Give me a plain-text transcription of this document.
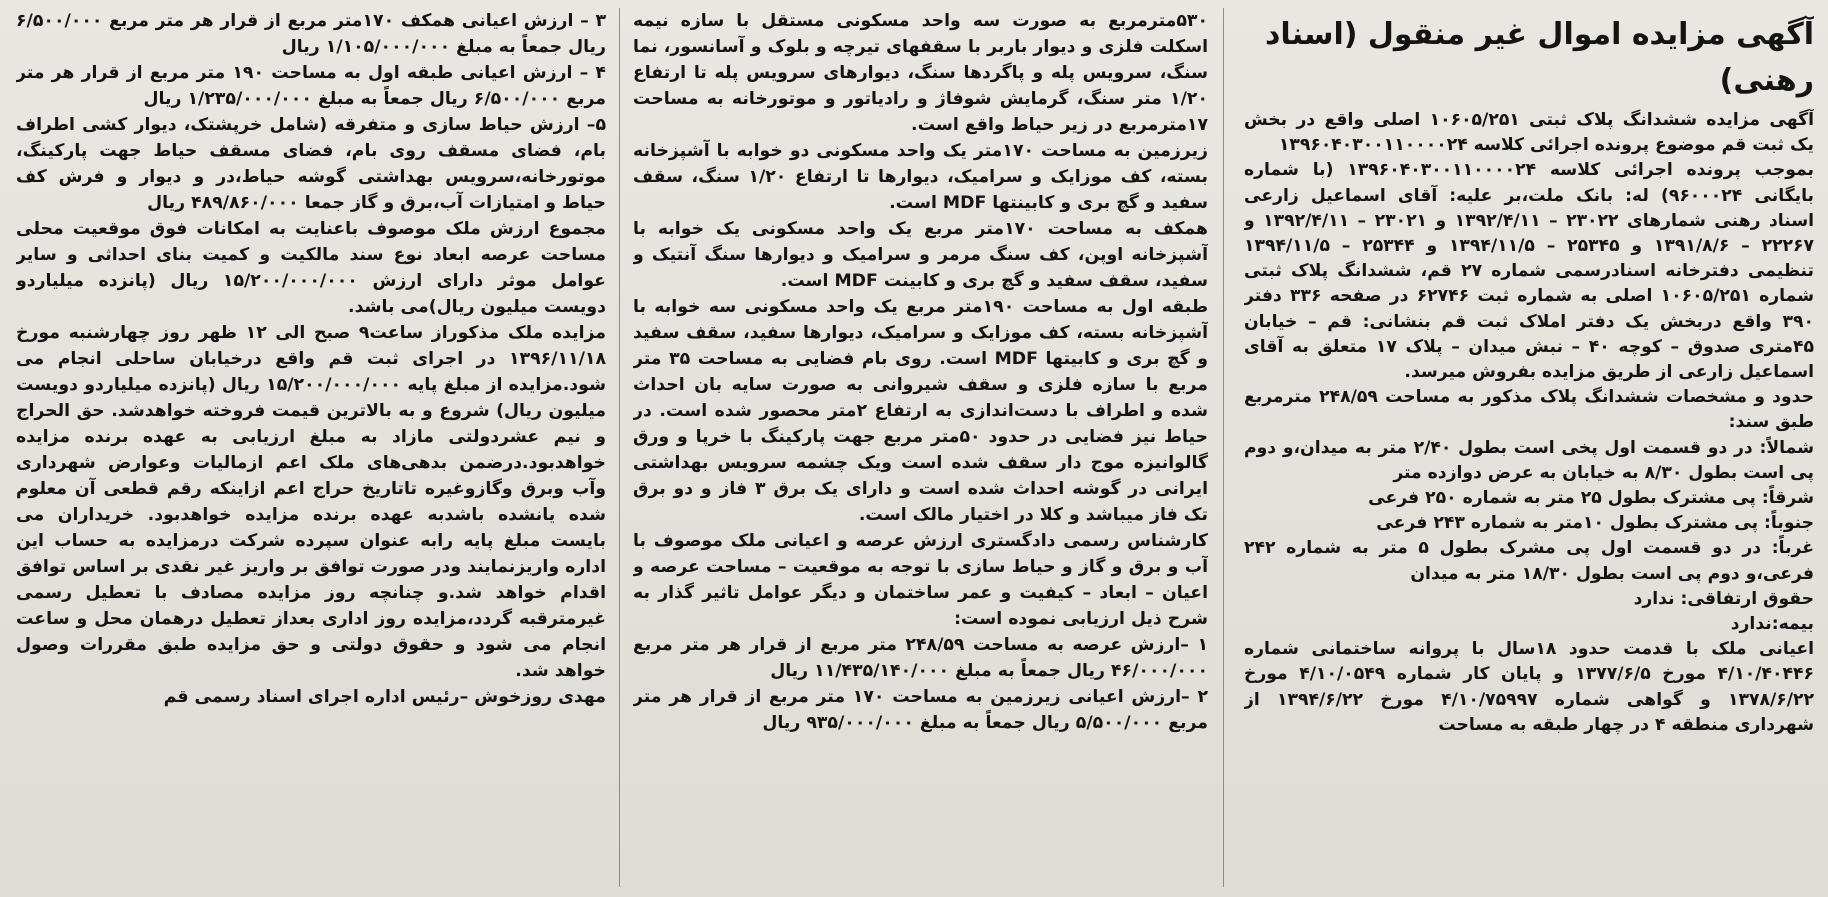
آگهی مزایده اموال غیر منقول (اسناد رهنی)

آگهی مزایده ششدانگ پلاک ثبتی ۱۰۶۰۵/۲۵۱ اصلی واقع در بخش یک ثبت قم موضوع پرونده اجرائی کلاسه ۱۳۹۶۰۴۰۳۰۰۱۱۰۰۰۰۲۴

بموجب پرونده اجرائی کلاسه ۱۳۹۶۰۴۰۳۰۰۱۱۰۰۰۰۲۴ (با شماره بایگانی ۹۶۰۰۰۲۴) له: بانک ملت،بر علیه: آقای اسماعیل زارعی اسناد رهنی شمارهای ۲۳۰۲۲ – ۱۳۹۲/۴/۱۱ و ۲۳۰۲۱ – ۱۳۹۲/۴/۱۱ و ۲۲۲۶۷ – ۱۳۹۱/۸/۶ و ۲۵۳۴۵ – ۱۳۹۴/۱۱/۵ و ۲۵۳۴۴ – ۱۳۹۴/۱۱/۵ تنظیمی دفترخانه اسنادرسمی شماره ۲۷ قم، ششدانگ پلاک ثبتی شماره ۱۰۶۰۵/۲۵۱ اصلی به شماره ثبت ۶۲۷۴۶ در صفحه ۳۳۶ دفتر ۳۹۰ واقع دربخش یک دفتر املاک ثبت قم بنشانی: قم – خیابان ۴۵متری صدوق – کوچه ۴۰ – نبش میدان – پلاک ۱۷ متعلق به آقای اسماعیل زارعی از طریق مزایده بفروش میرسد.

حدود و مشخصات ششدانگ پلاک مذکور به مساحت ۲۴۸/۵۹ مترمربع طبق سند:

شمالاً: در دو قسمت اول پخی است بطول ۲/۴۰ متر به میدان،و دوم پی است بطول ۸/۳۰ به خیابان به عرض دوازده متر

شرقاً: پی مشترک بطول ۲۵ متر به شماره ۲۵۰ فرعی

جنوباً: پی مشترک بطول ۱۰متر به شماره ۲۴۳ فرعی

غرباً: در دو قسمت اول پی مشرک بطول ۵ متر به شماره ۲۴۲ فرعی،و دوم پی است بطول ۱۸/۳۰ متر به میدان

حقوق ارتفاقی: ندارد

بیمه:ندارد

اعیانی ملک با قدمت حدود ۱۸سال با پروانه ساختمانی شماره ۴/۱۰/۴۰۴۴۶ مورخ ۱۳۷۷/۶/۵ و پایان کار شماره ۴/۱۰/۰۵۴۹ مورخ ۱۳۷۸/۶/۲۲ و گواهی شماره ۴/۱۰/۷۵۹۹۷ مورخ ۱۳۹۴/۶/۲۲ از شهرداری منطقه ۴ در چهار طبقه به مساحت

۵۳۰مترمربع به صورت سه واحد مسکونی مستقل با سازه نیمه اسکلت فلزی و دیوار باربر با سقفهای تیرچه و بلوک و آسانسور، نما سنگ، سرویس پله و پاگردها سنگ، دیوارهای سرویس پله تا ارتفاع ۱/۲۰ متر سنگ، گرمایش شوفاژ و رادیاتور و موتورخانه به مساحت ۱۷مترمربع در زیر حیاط واقع است.

زیرزمین به مساحت ۱۷۰متر یک واحد مسکونی دو خوابه با آشپزخانه بسته، کف موزایک و سرامیک، دیوارها تا ارتفاع ۱/۲۰ سنگ، سقف سفید و گچ بری و کابینتها MDF است.

همکف به مساحت ۱۷۰متر مربع یک واحد مسکونی یک خوابه با آشپزخانه اوپن، کف سنگ مرمر و سرامیک و دیوارها سنگ آنتیک و سفید، سقف سفید و گچ بری و کابینت MDF است.

طبقه اول به مساحت ۱۹۰متر مربع یک واحد مسکونی سه خوابه با آشپزخانه بسته، کف موزایک و سرامیک، دیوارها سفید، سقف سفید و گچ بری و کابیتها MDF است. روی بام فضایی به مساحت ۳۵ متر مربع با سازه فلزی و سقف شیروانی به صورت سایه بان احداث شده و اطراف با دست‌اندازی به ارتفاع ۲متر محصور شده است. در حیاط نیز فضایی در حدود ۵۰متر مربع جهت پارکینگ با خرپا و ورق گالوانیزه موج دار سقف شده است ویک چشمه سرویس بهداشتی ایرانی در گوشه احداث شده است و دارای یک برق ۳ فاز و دو برق تک فاز میباشد و کلا در اختیار مالک است.

کارشناس رسمی دادگستری ارزش عرصه و اعیانی ملک موصوف با آب و برق و گاز و حیاط سازی با توجه به موقعیت – مساحت عرصه و اعیان – ابعاد – کیفیت و عمر ساختمان و دیگر عوامل تاثیر گذار به شرح ذیل ارزیابی نموده است:

۱ –ارزش عرصه به مساحت ۲۴۸/۵۹ متر مربع از قرار هر متر مربع ۴۶/۰۰۰/۰۰۰ ریال جمعاً به مبلغ ۱۱/۴۳۵/۱۴۰/۰۰۰ ریال

۲ –ارزش اعیانی زیرزمین به مساحت ۱۷۰ متر مربع از قرار هر متر مربع ۵/۵۰۰/۰۰۰ ریال جمعاً به مبلغ ۹۳۵/۰۰۰/۰۰۰ ریال

۳ – ارزش اعیانی همکف ۱۷۰متر مربع از قرار هر متر مربع ۶/۵۰۰/۰۰۰ ریال جمعاً به مبلغ ۱/۱۰۵/۰۰۰/۰۰۰ ریال

۴ – ارزش اعیانی طبقه اول به مساحت ۱۹۰ متر مربع از قرار هر متر مربع ۶/۵۰۰/۰۰۰ ریال جمعاً به مبلغ ۱/۲۳۵/۰۰۰/۰۰۰ ریال

۵– ارزش حیاط سازی و متفرقه (شامل خرپشتک، دیوار کشی اطراف بام، فضای مسقف روی بام، فضای مسقف حیاط جهت پارکینگ، موتورخانه،سرویس بهداشتی گوشه حیاط،در و دیوار و فرش کف حیاط و امتیازات آب،برق و گاز جمعا ۴۸۹/۸۶۰/۰۰۰ ریال

مجموع ارزش ملک موصوف باعنایت به امکانات فوق موقعیت محلی مساحت عرصه ابعاد نوع سند مالکیت و کمیت بنای احداثی و سایر عوامل موثر دارای ارزش ۱۵/۲۰۰/۰۰۰/۰۰۰ ریال (پانزده میلیاردو دویست میلیون ریال)می باشد.

مزایده ملک مذکوراز ساعت۹ صبح الی ۱۲ ظهر روز چهارشنبه مورخ ۱۳۹۶/۱۱/۱۸ در اجرای ثبت قم واقع درخیابان ساحلی انجام می شود.مزایده از مبلغ پایه ۱۵/۲۰۰/۰۰۰/۰۰۰ ریال (پانزده میلیاردو دویست میلیون ریال) شروع و به بالاترین قیمت فروخته خواهدشد. حق الحراج و نیم عشردولتی مازاد به مبلغ ارزیابی به عهده برنده مزایده خواهدبود.درضمن بدهی‌های ملک اعم ازمالیات وعوارض شهرداری وآب وبرق وگازوغیره تاتاریخ حراج اعم ازاینکه رقم قطعی آن معلوم شده یانشده باشدبه عهده برنده مزایده خواهدبود. خریداران می بایست مبلغ پایه رابه عنوان سپرده شرکت درمزایده به حساب این اداره واریزنمایند ودر صورت توافق بر واریز غیر نقدی بر اساس توافق اقدام خواهد شد.و چنانچه روز مزایده مصادف با تعطیل رسمی غیرمترقبه گردد،مزایده روز اداری بعداز تعطیل درهمان محل و ساعت انجام می شود و حقوق دولتی و حق مزایده طبق مقررات وصول خواهد شد.

مهدی روزخوش –رئیس اداره اجرای اسناد رسمی قم
